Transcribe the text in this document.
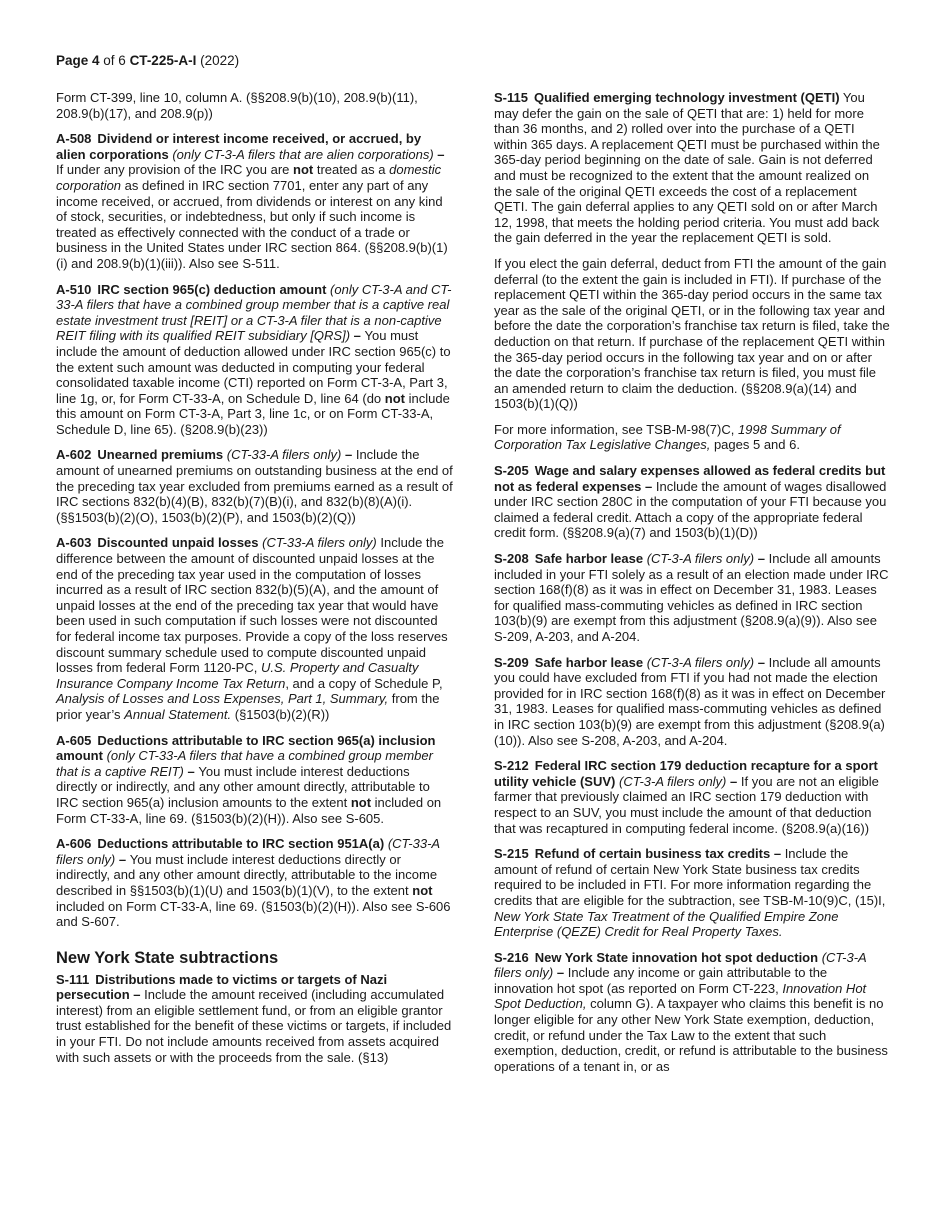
Page 4 of 6 CT-225-A-I (2022)

Form CT-399, line 10, column A. (§§208.9(b)(10), 208.9(b)(11), 208.9(b)(17), and 208.9(p))

A-508 Dividend or interest income received, or accrued, by alien corporations (only CT-3-A filers that are alien corporations) – If under any provision of the IRC you are not treated as a domestic corporation as defined in IRC section 7701, enter any part of any income received, or accrued, from dividends or interest on any kind of stock, securities, or indebtedness, but only if such income is treated as effectively connected with the conduct of a trade or business in the United States under IRC section 864. (§§208.9(b)(1)(i) and 208.9(b)(1)(iii)). Also see S-511.

A-510 IRC section 965(c) deduction amount (only CT-3-A and CT-33-A filers that have a combined group member that is a captive real estate investment trust [REIT] or a CT-3-A filer that is a non-captive REIT filing with its qualified REIT subsidiary [QRS]) – You must include the amount of deduction allowed under IRC section 965(c) to the extent such amount was deducted in computing your federal consolidated taxable income (CTI) reported on Form CT-3-A, Part 3, line 1g, or, for Form CT-33-A, on Schedule D, line 64 (do not include this amount on Form CT-3-A, Part 3, line 1c, or on Form CT-33-A, Schedule D, line 65). (§208.9(b)(23))

A-602 Unearned premiums (CT-33-A filers only) – Include the amount of unearned premiums on outstanding business at the end of the preceding tax year excluded from premiums earned as a result of IRC sections 832(b)(4)(B), 832(b)(7)(B)(i), and 832(b)(8)(A)(i). (§§1503(b)(2)(O), 1503(b)(2)(P), and 1503(b)(2)(Q))

A-603 Discounted unpaid losses (CT-33-A filers only) Include the difference between the amount of discounted unpaid losses at the end of the preceding tax year used in the computation of losses incurred as a result of IRC section 832(b)(5)(A), and the amount of unpaid losses at the end of the preceding tax year that would have been used in such computation if such losses were not discounted for federal income tax purposes. Provide a copy of the loss reserves discount summary schedule used to compute discounted unpaid losses from federal Form 1120-PC, U.S. Property and Casualty Insurance Company Income Tax Return, and a copy of Schedule P, Analysis of Losses and Loss Expenses, Part 1, Summary, from the prior year’s Annual Statement. (§1503(b)(2)(R))

A-605 Deductions attributable to IRC section 965(a) inclusion amount (only CT-33-A filers that have a combined group member that is a captive REIT) – You must include interest deductions directly or indirectly, and any other amount directly, attributable to IRC section 965(a) inclusion amounts to the extent not included on Form CT-33-A, line 69. (§1503(b)(2)(H)). Also see S-605.

A-606 Deductions attributable to IRC section 951A(a) (CT-33-A filers only) – You must include interest deductions directly or indirectly, and any other amount directly, attributable to the income described in §§1503(b)(1)(U) and 1503(b)(1)(V), to the extent not included on Form CT-33-A, line 69. (§1503(b)(2)(H)). Also see S-606 and S-607.

New York State subtractions

S-111 Distributions made to victims or targets of Nazi persecution – Include the amount received (including accumulated interest) from an eligible settlement fund, or from an eligible grantor trust established for the benefit of these victims or targets, if included in your FTI. Do not include amounts received from assets acquired with such assets or with the proceeds from the sale. (§13)

S-115 Qualified emerging technology investment (QETI) You may defer the gain on the sale of QETI that are: 1) held for more than 36 months, and 2) rolled over into the purchase of a QETI within 365 days. A replacement QETI must be purchased within the 365-day period beginning on the date of sale. Gain is not deferred and must be recognized to the extent that the amount realized on the sale of the original QETI exceeds the cost of a replacement QETI. The gain deferral applies to any QETI sold on or after March 12, 1998, that meets the holding period criteria. You must add back the gain deferred in the year the replacement QETI is sold.

If you elect the gain deferral, deduct from FTI the amount of the gain deferral (to the extent the gain is included in FTI). If purchase of the replacement QETI within the 365-day period occurs in the same tax year as the sale of the original QETI, or in the following tax year and before the date the corporation’s franchise tax return is filed, take the deduction on that return. If purchase of the replacement QETI within the 365-day period occurs in the following tax year and on or after the date the corporation’s franchise tax return is filed, you must file an amended return to claim the deduction. (§§208.9(a)(14) and 1503(b)(1)(Q))

For more information, see TSB-M-98(7)C, 1998 Summary of Corporation Tax Legislative Changes, pages 5 and 6.

S-205 Wage and salary expenses allowed as federal credits but not as federal expenses – Include the amount of wages disallowed under IRC section 280C in the computation of your FTI because you claimed a federal credit. Attach a copy of the appropriate federal credit form. (§§208.9(a)(7) and 1503(b)(1)(D))

S-208 Safe harbor lease (CT-3-A filers only) – Include all amounts included in your FTI solely as a result of an election made under IRC section 168(f)(8) as it was in effect on December 31, 1983. Leases for qualified mass-commuting vehicles as defined in IRC section 103(b)(9) are exempt from this adjustment (§208.9(a)(9)). Also see S-209, A-203, and A-204.

S-209 Safe harbor lease (CT-3-A filers only) – Include all amounts you could have excluded from FTI if you had not made the election provided for in IRC section 168(f)(8) as it was in effect on December 31, 1983. Leases for qualified mass-commuting vehicles as defined in IRC section 103(b)(9) are exempt from this adjustment (§208.9(a)(10)). Also see S-208, A-203, and A-204.

S-212 Federal IRC section 179 deduction recapture for a sport utility vehicle (SUV) (CT-3-A filers only) – If you are not an eligible farmer that previously claimed an IRC section 179 deduction with respect to an SUV, you must include the amount of that deduction that was recaptured in computing federal income. (§208.9(a)(16))

S-215 Refund of certain business tax credits – Include the amount of refund of certain New York State business tax credits required to be included in FTI. For more information regarding the credits that are eligible for the subtraction, see TSB-M-10(9)C, (15)I, New York State Tax Treatment of the Qualified Empire Zone Enterprise (QEZE) Credit for Real Property Taxes.

S-216 New York State innovation hot spot deduction (CT-3-A filers only) – Include any income or gain attributable to the innovation hot spot (as reported on Form CT-223, Innovation Hot Spot Deduction, column G). A taxpayer who claims this benefit is no longer eligible for any other New York State exemption, deduction, credit, or refund under the Tax Law to the extent that such exemption, deduction, credit, or refund is attributable to the business operations of a tenant in, or as
